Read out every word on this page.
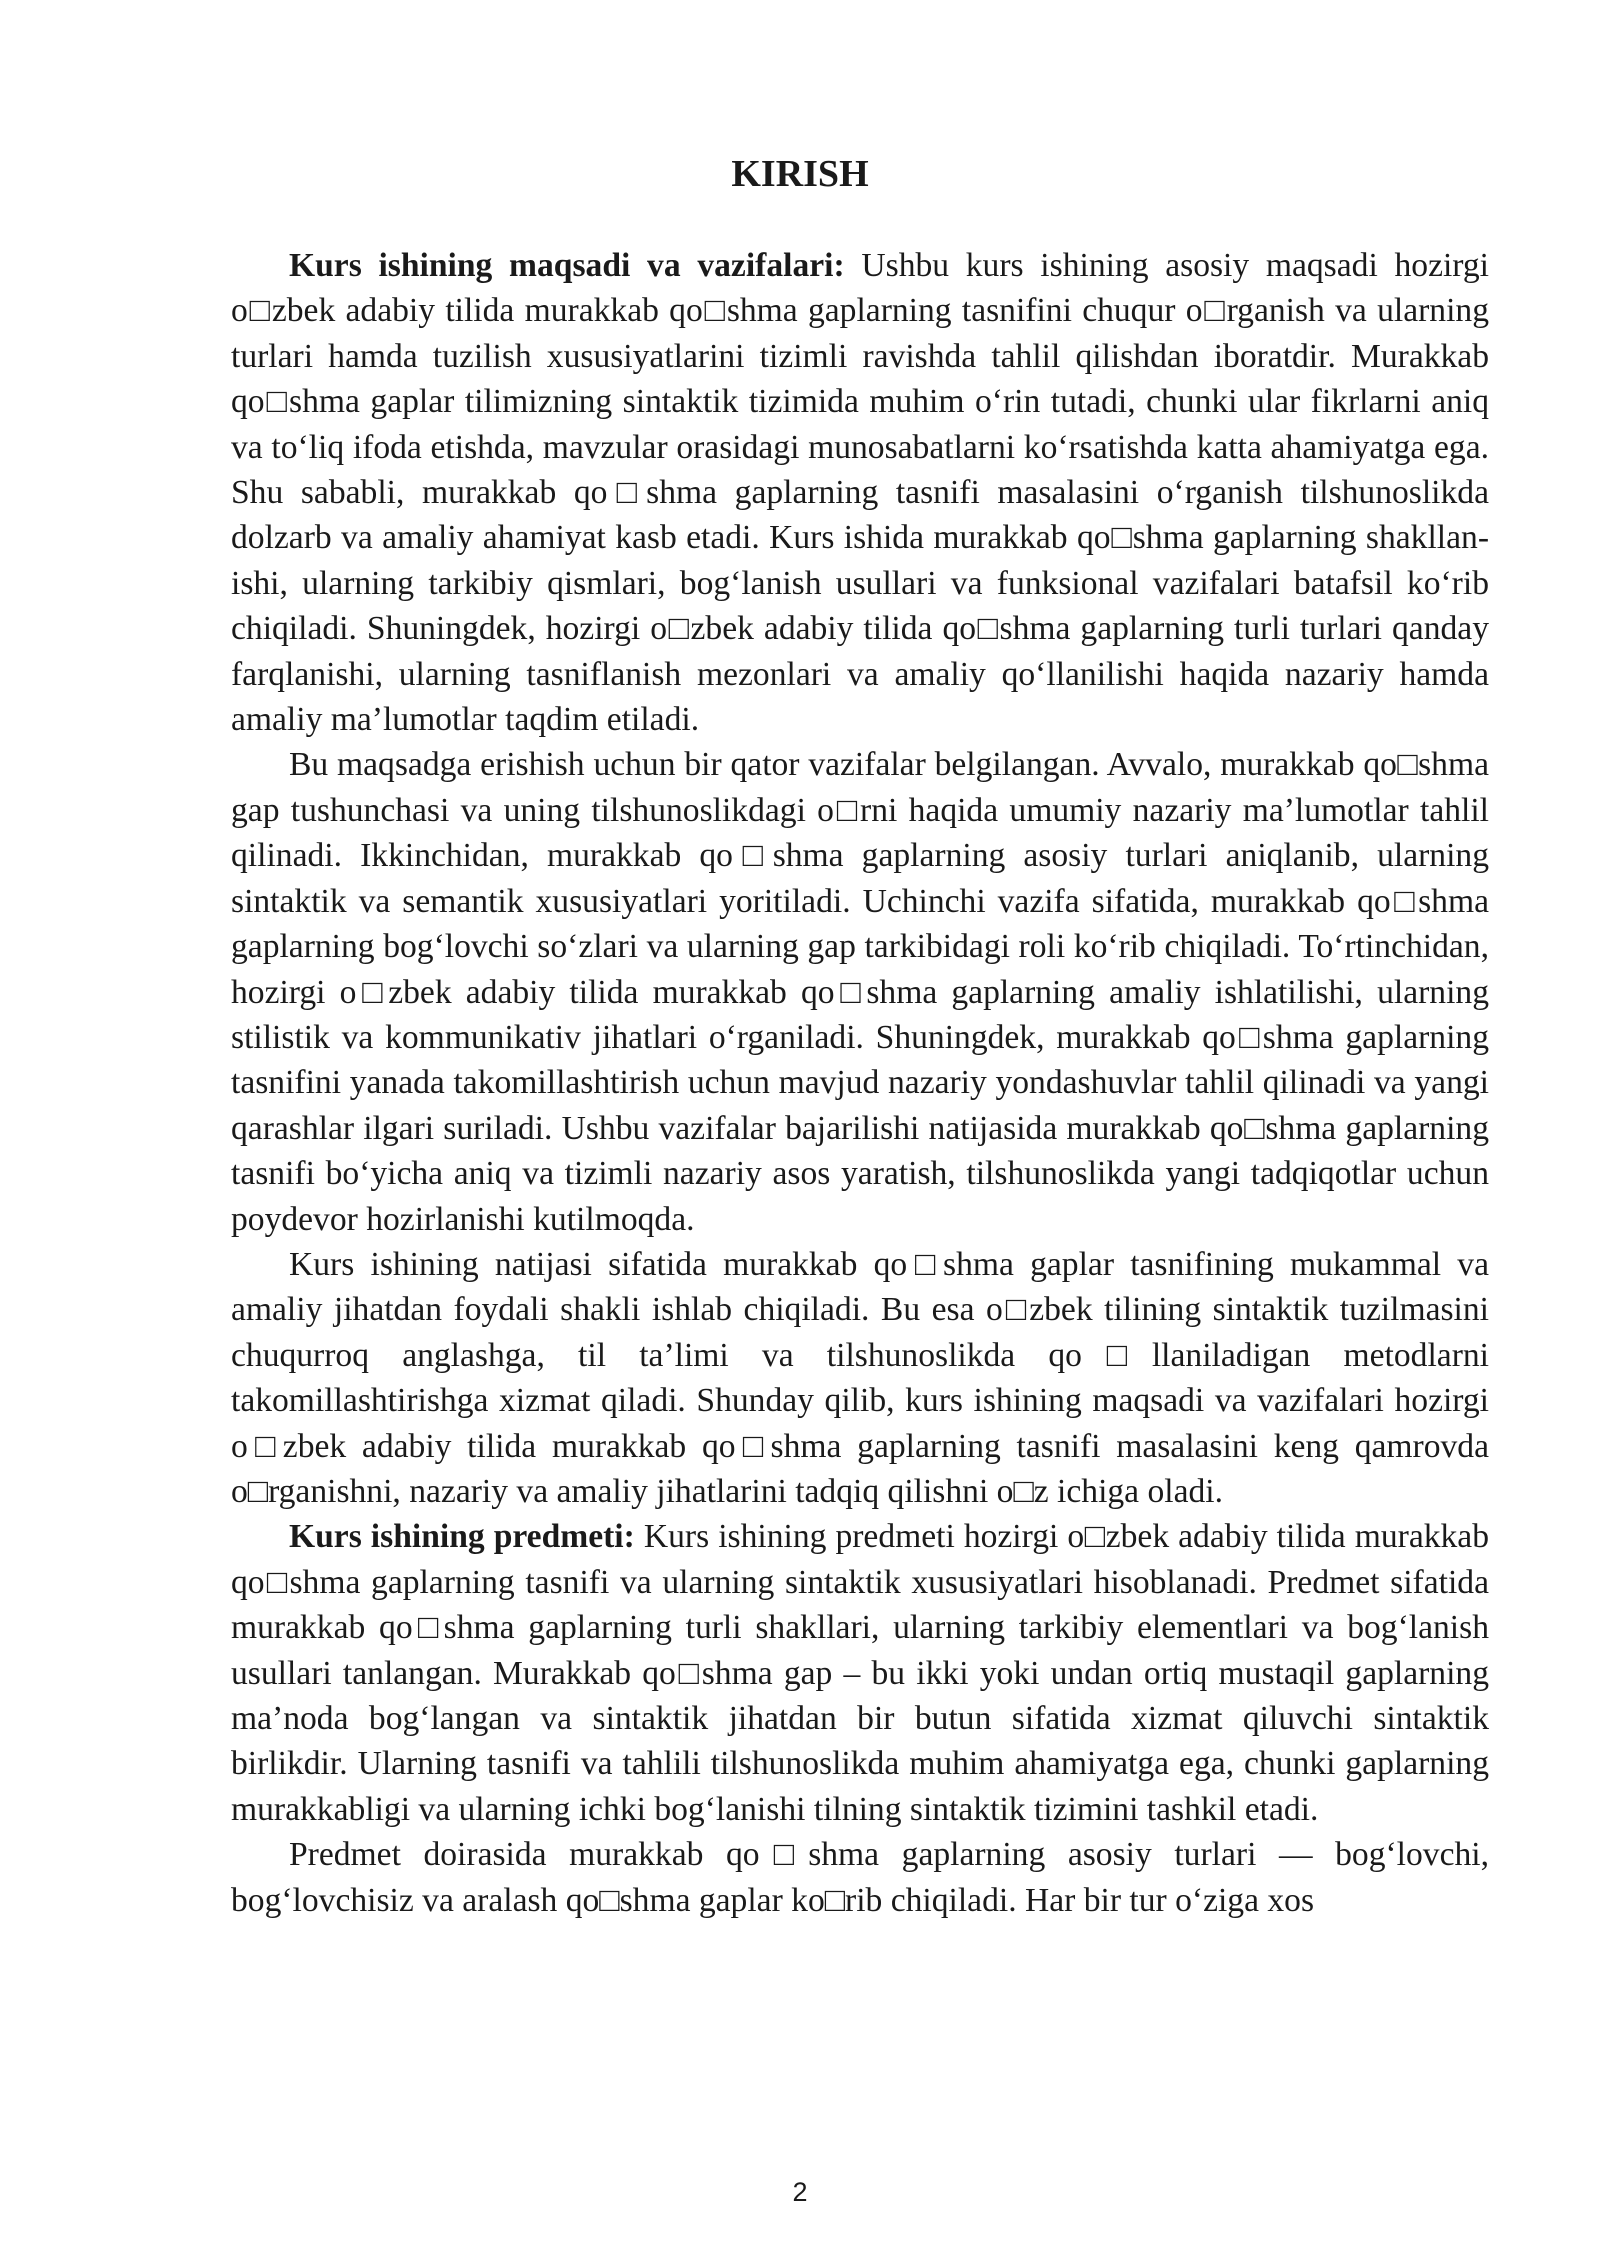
KIRISH

Kurs ishining maqsadi va vazifalari: Ushbu kurs ishining asosiy maqsadi hozirgi o□zbek adabiy tilida murakkab qo□shma gaplarning tasnifini chuqur o□rganish va ularning turlari hamda tuzilish xususiyatlarini tizimli ravishda tahlil qilishdan iboratdir. Murakkab qo□shma gaplar tilimizning sintaktik tizimida muhim o‘rin tutadi, chunki ular fikrlarni aniq va to‘liq ifoda etishda, mavzular orasidagi munosabatlarni ko‘rsatishda katta ahamiyatga ega. Shu sababli, murakkab qo□shma gaplarning tasnifi masalasini o‘rganish tilshunoslikda dolzarb va amaliy ahamiyat kasb etadi. Kurs ishida murakkab qo□shma gaplarning shakllanishi, ularning tarkibiy qismlari, bog‘lanish usullari va funksional vazifalari batafsil ko‘rib chiqiladi. Shuningdek, hozirgi o□zbek adabiy tilida qo□shma gaplarning turli turlari qanday farqlanishi, ularning tasniflanish mezonlari va amaliy qo‘llanilishi haqida nazariy hamda amaliy ma’lumotlar taqdim etiladi.

Bu maqsadga erishish uchun bir qator vazifalar belgilangan. Avvalo, murakkab qo□shma gap tushunchasi va uning tilshunoslikdagi o□rni haqida umumiy nazariy ma’lumotlar tahlil qilinadi. Ikkinchidan, murakkab qo□shma gaplarning asosiy turlari aniqlanib, ularning sintaktik va semantik xususiyatlari yoritiladi. Uchinchi vazifa sifatida, murakkab qo□shma gaplarning bog‘lovchi so‘zlari va ularning gap tarkibidagi roli ko‘rib chiqiladi. To‘rtinchidan, hozirgi o□zbek adabiy tilida murakkab qo□shma gaplarning amaliy ishlatilishi, ularning stilistik va kommunikativ jihatlari o‘rganiladi. Shuningdek, murakkab qo□shma gaplarning tasnifini yanada takomillashtirish uchun mavjud nazariy yondashuvlar tahlil qilinadi va yangi qarashlar ilgari suriladi. Ushbu vazifalar bajarilishi natijasida murakkab qo□shma gaplarning tasnifi bo‘yicha aniq va tizimli nazariy asos yaratish, tilshunoslikda yangi tadqiqotlar uchun poydevor hozirlanishi kutilmoqda.

Kurs ishining natijasi sifatida murakkab qo□shma gaplar tasnifining mukammal va amaliy jihatdan foydali shakli ishlab chiqiladi. Bu esa o□zbek tilining sintaktik tuzilmasini chuqurroq anglashga, til ta’limi va tilshunoslikda qo□llaniladigan metodlarni takomillashtirishga xizmat qiladi. Shunday qilib, kurs ishining maqsadi va vazifalari hozirgi o□zbek adabiy tilida murakkab qo□shma gaplarning tasnifi masalasini keng qamrovda o□rganishni, nazariy va amaliy jihatlarini tadqiq qilishni o□z ichiga oladi.

Kurs ishining predmeti: Kurs ishining predmeti hozirgi o□zbek adabiy tilida murakkab qo□shma gaplarning tasnifi va ularning sintaktik xususiyatlari hisoblanadi. Predmet sifatida murakkab qo□shma gaplarning turli shakllari, ularning tarkibiy elementlari va bog‘lanish usullari tanlangan. Murakkab qo□shma gap – bu ikki yoki undan ortiq mustaqil gaplarning ma’noda bog‘langan va sintaktik jihatdan bir butun sifatida xizmat qiluvchi sintaktik birlikdir. Ularning tasnifi va tahlili tilshunoslikda muhim ahamiyatga ega, chunki gaplarning murakkabligi va ularning ichki bog‘lanishi tilning sintaktik tizimini tashkil etadi.

Predmet doirasida murakkab qo□shma gaplarning asosiy turlari — bog‘lovchi, bog‘lovchisiz va aralash qo□shma gaplar ko□rib chiqiladi. Har bir tur o‘ziga xos

2
